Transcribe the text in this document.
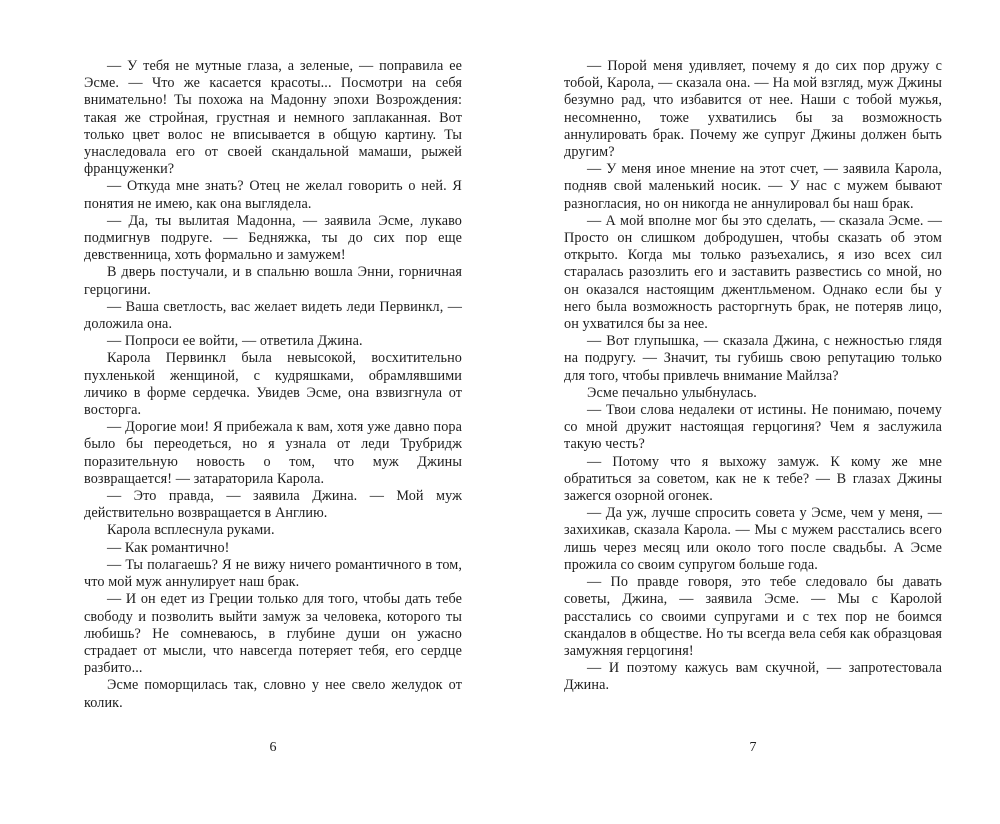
— У тебя не мутные глаза, а зеленые, — поправила ее Эсме. — Что же касается красоты... Посмотри на себя внимательно! Ты похожа на Мадонну эпохи Возрождения: такая же стройная, грустная и немного заплаканная. Вот только цвет волос не вписывается в общую картину. Ты унаследовала его от своей скандальной мамаши, рыжей француженки?

— Откуда мне знать? Отец не желал говорить о ней. Я понятия не имею, как она выглядела.

— Да, ты вылитая Мадонна, — заявила Эсме, лукаво подмигнув подруге. — Бедняжка, ты до сих пор еще девственница, хоть формально и замужем!

В дверь постучали, и в спальню вошла Энни, горничная герцогини.

— Ваша светлость, вас желает видеть леди Первинкл, — доложила она.

— Попроси ее войти, — ответила Джина.

Карола Первинкл была невысокой, восхитительно пухленькой женщиной, с кудряшками, обрамлявшими личико в форме сердечка. Увидев Эсме, она взвизгнула от восторга.

— Дорогие мои! Я прибежала к вам, хотя уже давно пора было бы переодеться, но я узнала от леди Трубридж поразительную новость о том, что муж Джины возвращается! — затараторила Карола.

— Это правда, — заявила Джина. — Мой муж действительно возвращается в Англию.

Карола всплеснула руками.

— Как романтично!

— Ты полагаешь? Я не вижу ничего романтичного в том, что мой муж аннулирует наш брак.

— И он едет из Греции только для того, чтобы дать тебе свободу и позволить выйти замуж за человека, которого ты любишь? Не сомневаюсь, в глубине души он ужасно страдает от мысли, что навсегда потеряет тебя, его сердце разбито...

Эсме поморщилась так, словно у нее свело желудок от колик.

6

— Порой меня удивляет, почему я до сих пор дружу с тобой, Карола, — сказала она. — На мой взгляд, муж Джины безумно рад, что избавится от нее. Наши с тобой мужья, несомненно, тоже ухватились бы за возможность аннулировать брак. Почему же супруг Джины должен быть другим?

— У меня иное мнение на этот счет, — заявила Карола, подняв свой маленький носик. — У нас с мужем бывают разногласия, но он никогда не аннулировал бы наш брак.

— А мой вполне мог бы это сделать, — сказала Эсме. — Просто он слишком добродушен, чтобы сказать об этом открыто. Когда мы только разъехались, я изо всех сил старалась разозлить его и заставить развестись со мной, но он оказался настоящим джентльменом. Однако если бы у него была возможность расторгнуть брак, не потеряв лицо, он ухватился бы за нее.

— Вот глупышка, — сказала Джина, с нежностью глядя на подругу. — Значит, ты губишь свою репутацию только для того, чтобы привлечь внимание Майлза?

Эсме печально улыбнулась.

— Твои слова недалеки от истины. Не понимаю, почему со мной дружит настоящая герцогиня? Чем я заслужила такую честь?

— Потому что я выхожу замуж. К кому же мне обратиться за советом, как не к тебе? — В глазах Джины зажегся озорной огонек.

— Да уж, лучше спросить совета у Эсме, чем у меня, — захихикав, сказала Карола. — Мы с мужем расстались всего лишь через месяц или около того после свадьбы. А Эсме прожила со своим супругом больше года.

— По правде говоря, это тебе следовало бы давать советы, Джина, — заявила Эсме. — Мы с Каролой расстались со своими супругами и с тех пор не боимся скандалов в обществе. Но ты всегда вела себя как образцовая замужняя герцогиня!

— И поэтому кажусь вам скучной, — запротестовала Джина.

7
